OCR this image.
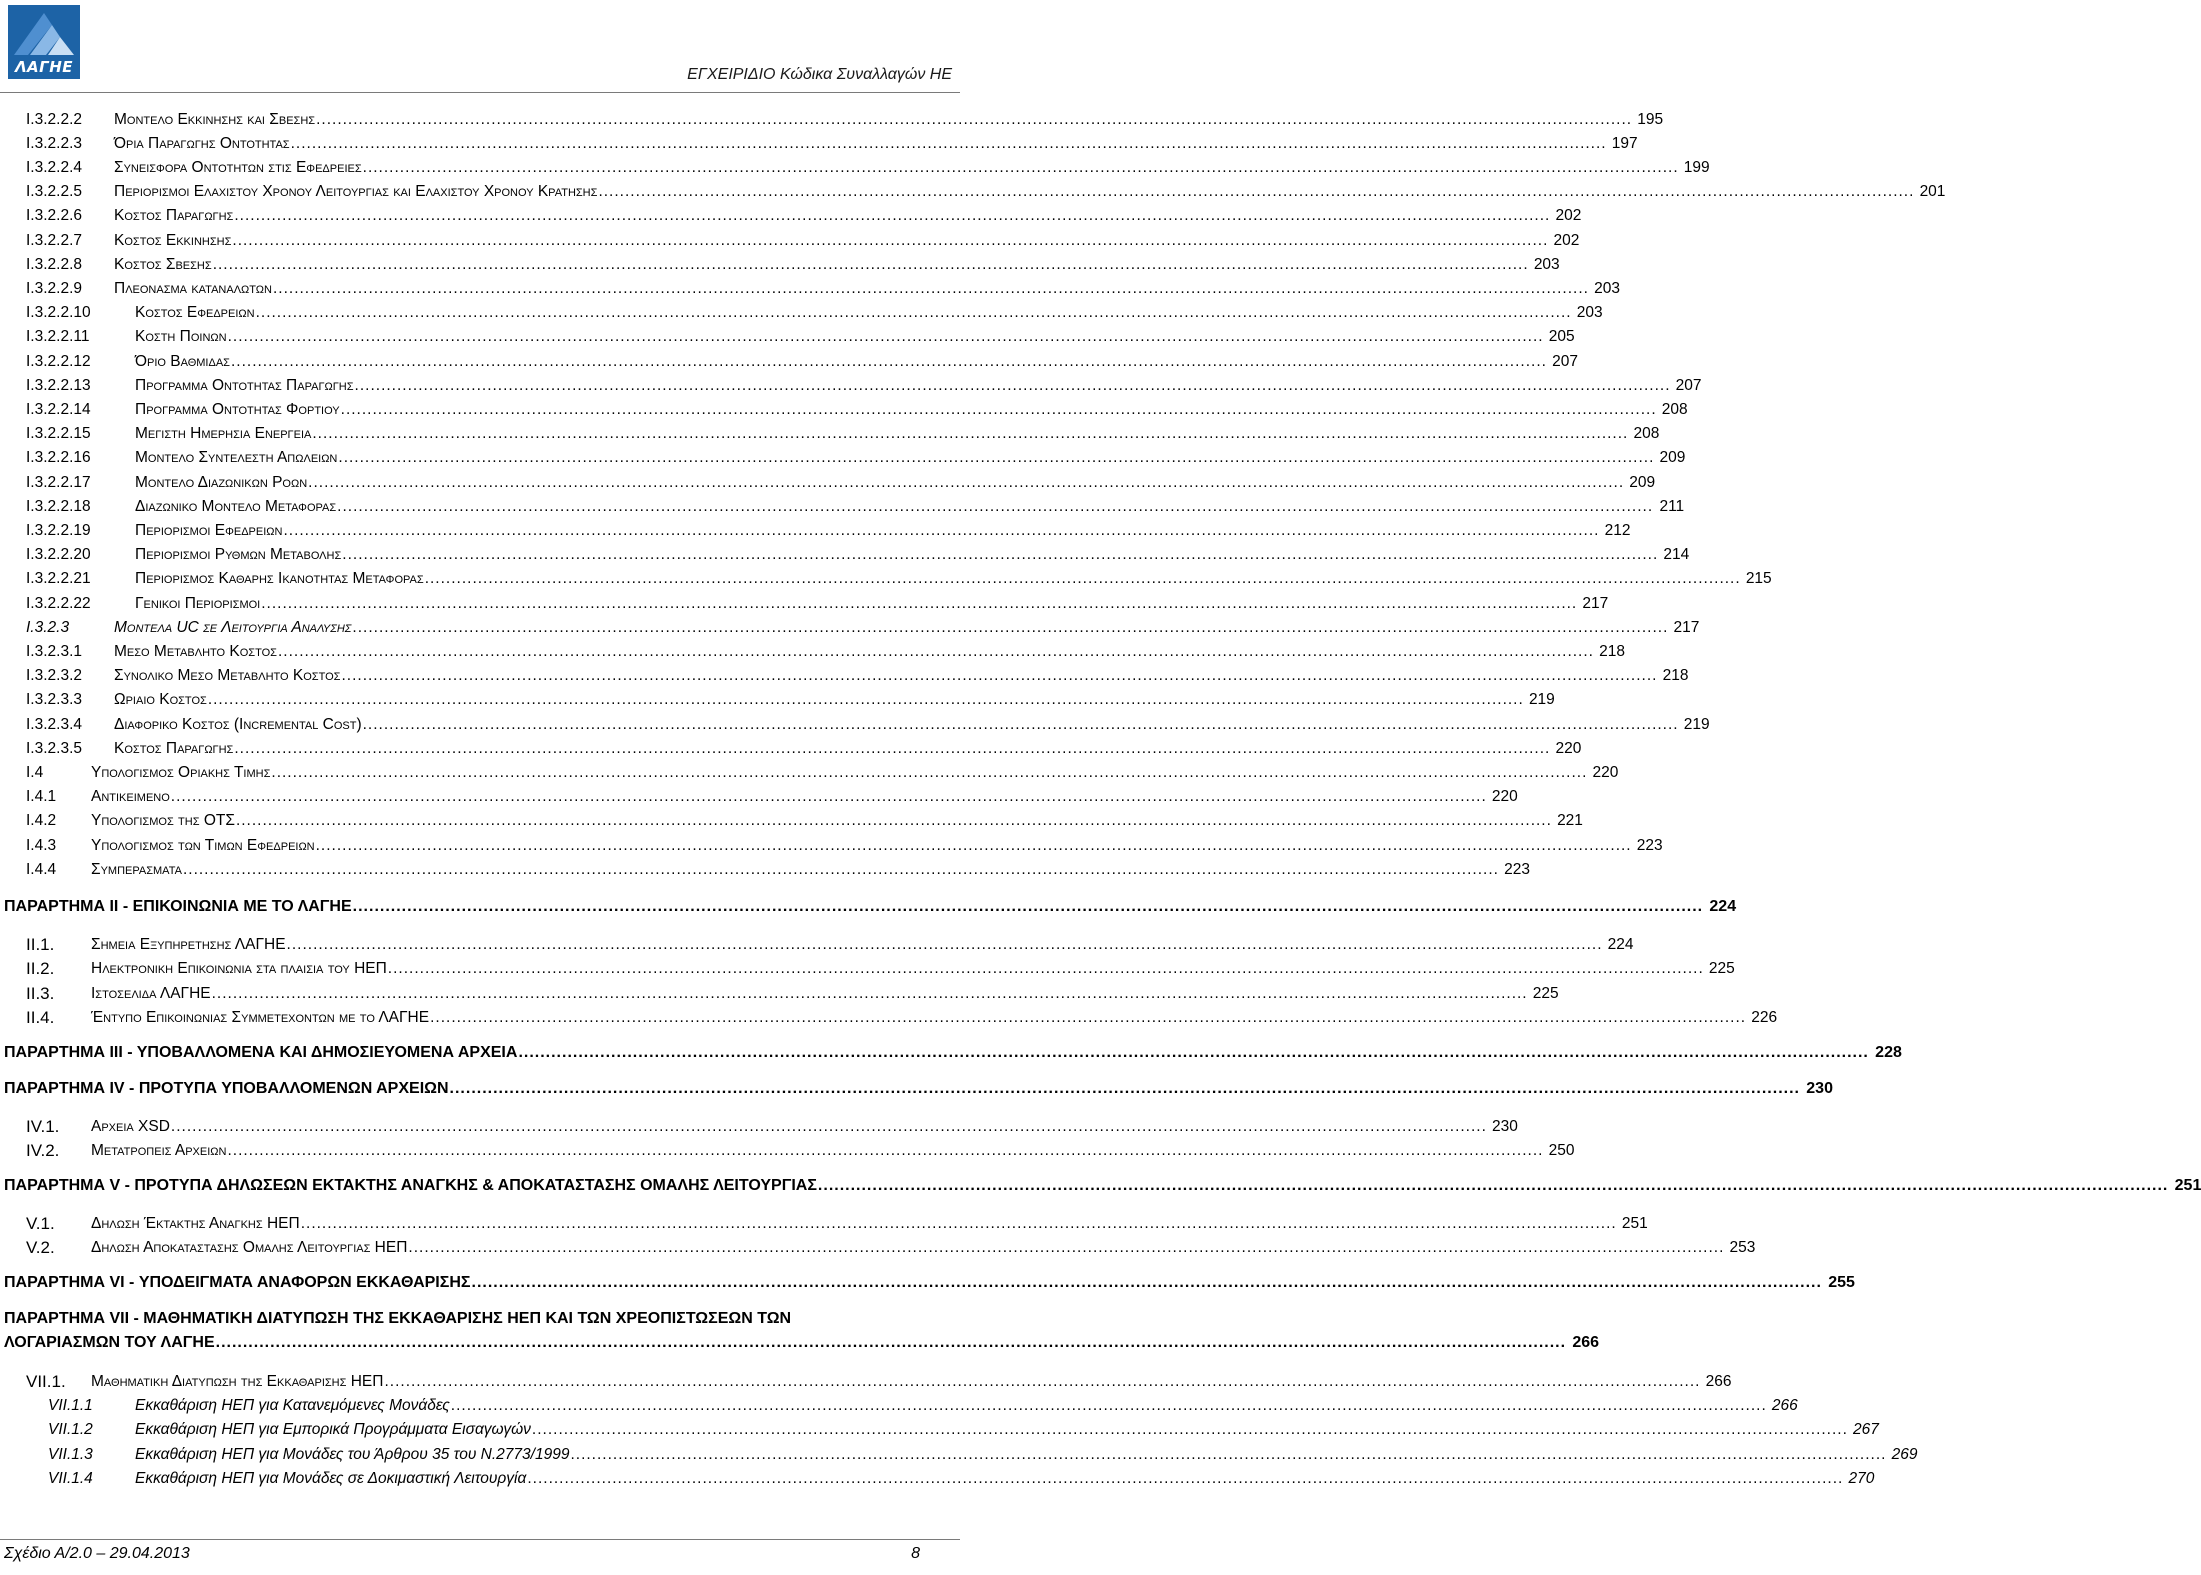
ΛΑΓΗΕ	ΕΓΧΕΙΡΙΔΙΟ Κώδικα Συναλλαγών ΗΕ
I.3.2.2.2	Μοντελο Εκκινησης και Σβεσης .....	195
I.3.2.2.3	Όρια Παραγωγης Οντοτητας .....	197
I.3.2.2.4	Συνεισφορα Οντοτητων στις Εφεδρειες .....	199
I.3.2.2.5	Περιορισμοι Ελαχιστου Χρονου Λειτουργιας και Ελαχιστου Χρονου Κρατησης .....	201
I.3.2.2.6	Κοστος Παραγωγης .....	202
I.3.2.2.7	Κοστος Εκκινησης .....	202
I.3.2.2.8	Κοστος Σβεσης .....	203
I.3.2.2.9	Πλεονασμα καταναλωτων .....	203
I.3.2.2.10	Κοστος Εφεδρειων .....	203
I.3.2.2.11	Κοστη Ποινων .....	205
I.3.2.2.12	Όριο Βαθμιδας .....	207
I.3.2.2.13	Προγραμμα Οντοτητας Παραγωγης .....	207
I.3.2.2.14	Προγραμμα Οντοτητας Φορτιου .....	208
I.3.2.2.15	Μεγιστη Ημερησια Ενεργεια .....	208
I.3.2.2.16	Μοντελο Συντελεστη Απωλειων .....	209
I.3.2.2.17	Μοντελο Διαζωνικων Ροων .....	209
I.3.2.2.18	Διαζωνικο Μοντελο Μεταφορας .....	211
I.3.2.2.19	Περιορισμοι Εφεδρειων .....	212
I.3.2.2.20	Περιορισμοι Ρυθμων Μεταβολης .....	214
I.3.2.2.21	Περιορισμος Καθαρης Ικανοτητας Μεταφορας .....	215
I.3.2.2.22	Γενικοι Περιορισμοι .....	217
I.3.2.3	Μοντελα UC σε Λειτουργια Αναλυσης .....	217
I.3.2.3.1	Μεσο Μεταβλητο Κοστος .....	218
I.3.2.3.2	Συνολικο Μεσο Μεταβλητο Κοστος .....	218
I.3.2.3.3	Ωριαιο Κοστος .....	219
I.3.2.3.4	Διαφορικο Κοστος (Incremental Cost) .....	219
I.3.2.3.5	Κοστος Παραγωγης .....	220
I.4	Υπολογισμος Οριακης Τιμης .....	220
I.4.1	Αντικειμενο .....	220
I.4.2	Υπολογισμος της ΟΤΣ .....	221
I.4.3	Υπολογισμος των Τιμων Εφεδρειων .....	223
I.4.4	Συμπερασματα .....	223
ΠΑΡΑΡΤΗΜΑ ΙΙ - ΕΠΙΚΟΙΝΩΝΙΑ ΜΕ ΤΟ ΛΑΓΗΕ .....	224
II.1.	Σημεια Εξυπηρετησης ΛΑΓΗΕ .....	224
II.2.	Ηλεκτρονικη Επικοινωνια στα πλαισια του ΗΕΠ .....	225
II.3.	Ιστοσελιδα ΛΑΓΗΕ .....	225
II.4.	Έντυπο Επικοινωνιας Συμμετεχοντων με το ΛΑΓΗΕ .....	226
ΠΑΡΑΡΤΗΜΑ ΙΙΙ - ΥΠΟΒΑΛΛΟΜΕΝΑ ΚΑΙ ΔΗΜΟΣΙΕΥΟΜΕΝΑ ΑΡΧΕΙΑ .....	228
ΠΑΡΑΡΤΗΜΑ IV - ΠΡΟΤΥΠΑ ΥΠΟΒΑΛΛΟΜΕΝΩΝ ΑΡΧΕΙΩΝ .....	230
IV.1.	Αρχεια XSD .....	230
IV.2.	Μετατροπεις Αρχειων .....	250
ΠΑΡΑΡΤΗΜΑ V - ΠΡΟΤΥΠΑ ΔΗΛΩΣΕΩΝ ΕΚΤΑΚΤΗΣ ΑΝΑΓΚΗΣ & ΑΠΟΚΑΤΑΣΤΑΣΗΣ ΟΜΑΛΗΣ ΛΕΙΤΟΥΡΓΙΑΣ .....	251
V.1.	Δηλωση Έκτακτης Αναγκης ΗΕΠ .....	251
V.2.	Δηλωση Αποκαταστασης Ομαλης Λειτουργιας ΗΕΠ .....	253
ΠΑΡΑΡΤΗΜΑ VI - ΥΠΟΔΕΙΓΜΑΤΑ ΑΝΑΦΟΡΩΝ ΕΚΚΑΘΑΡΙΣΗΣ .....	255
ΠΑΡΑΡΤΗΜΑ VII - ΜΑΘΗΜΑΤΙΚΗ ΔΙΑΤΥΠΩΣΗ ΤΗΣ ΕΚΚΑΘΑΡΙΣΗΣ ΗΕΠ ΚΑΙ ΤΩΝ ΧΡΕΟΠΙΣΤΩΣΕΩΝ ΤΩΝ
ΛΟΓΑΡΙΑΣΜΩΝ ΤΟΥ ΛΑΓΗΕ .....	266
VII.1.	Μαθηματικη Διατυπωση της Εκκαθαρισης ΗΕΠ .....	266
VII.1.1	Εκκαθάριση ΗΕΠ για Κατανεμόμενες Μονάδες .....	266
VII.1.2	Εκκαθάριση ΗΕΠ για Εμπορικά Προγράμματα Εισαγωγών .....	267
VII.1.3	Εκκαθάριση ΗΕΠ για Μονάδες του Άρθρου 35 του Ν.2773/1999 .....	269
VII.1.4	Εκκαθάριση ΗΕΠ για Μονάδες σε Δοκιμαστική Λειτουργία .....	270
Σχέδιο Α/2.0 – 29.04.2013	8
